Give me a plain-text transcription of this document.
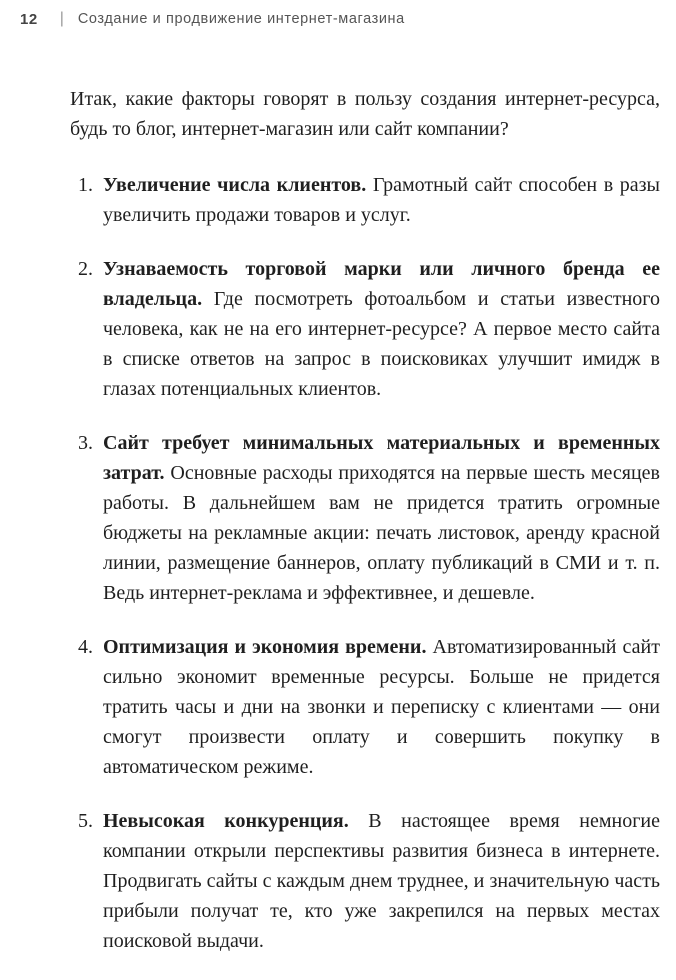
12 | Создание и продвижение интернет-магазина

Итак, какие факторы говорят в пользу создания интернет-ресурса, будь то блог, интернет-магазин или сайт компании?

1. Увеличение числа клиентов. Грамотный сайт способен в разы увеличить продажи товаров и услуг.
2. Узнаваемость торговой марки или личного бренда ее владельца. Где посмотреть фотоальбом и статьи известного человека, как не на его интернет-ресурсе? А первое место сайта в списке ответов на запрос в поисковиках улучшит имидж в глазах потенциальных клиентов.
3. Сайт требует минимальных материальных и временных затрат. Основные расходы приходятся на первые шесть месяцев работы. В дальнейшем вам не придется тратить огромные бюджеты на рекламные акции: печать листовок, аренду красной линии, размещение баннеров, оплату публикаций в СМИ и т. п. Ведь интернет-реклама и эффективнее, и дешевле.
4. Оптимизация и экономия времени. Автоматизированный сайт сильно экономит временные ресурсы. Больше не придется тратить часы и дни на звонки и переписку с клиентами — они смогут произвести оплату и совершить покупку в автоматическом режиме.
5. Невысокая конкуренция. В настоящее время немногие компании открыли перспективы развития бизнеса в интернете. Продвигать сайты с каждым днем труднее, и значительную часть прибыли получат те, кто уже закрепился на первых местах поисковой выдачи.
